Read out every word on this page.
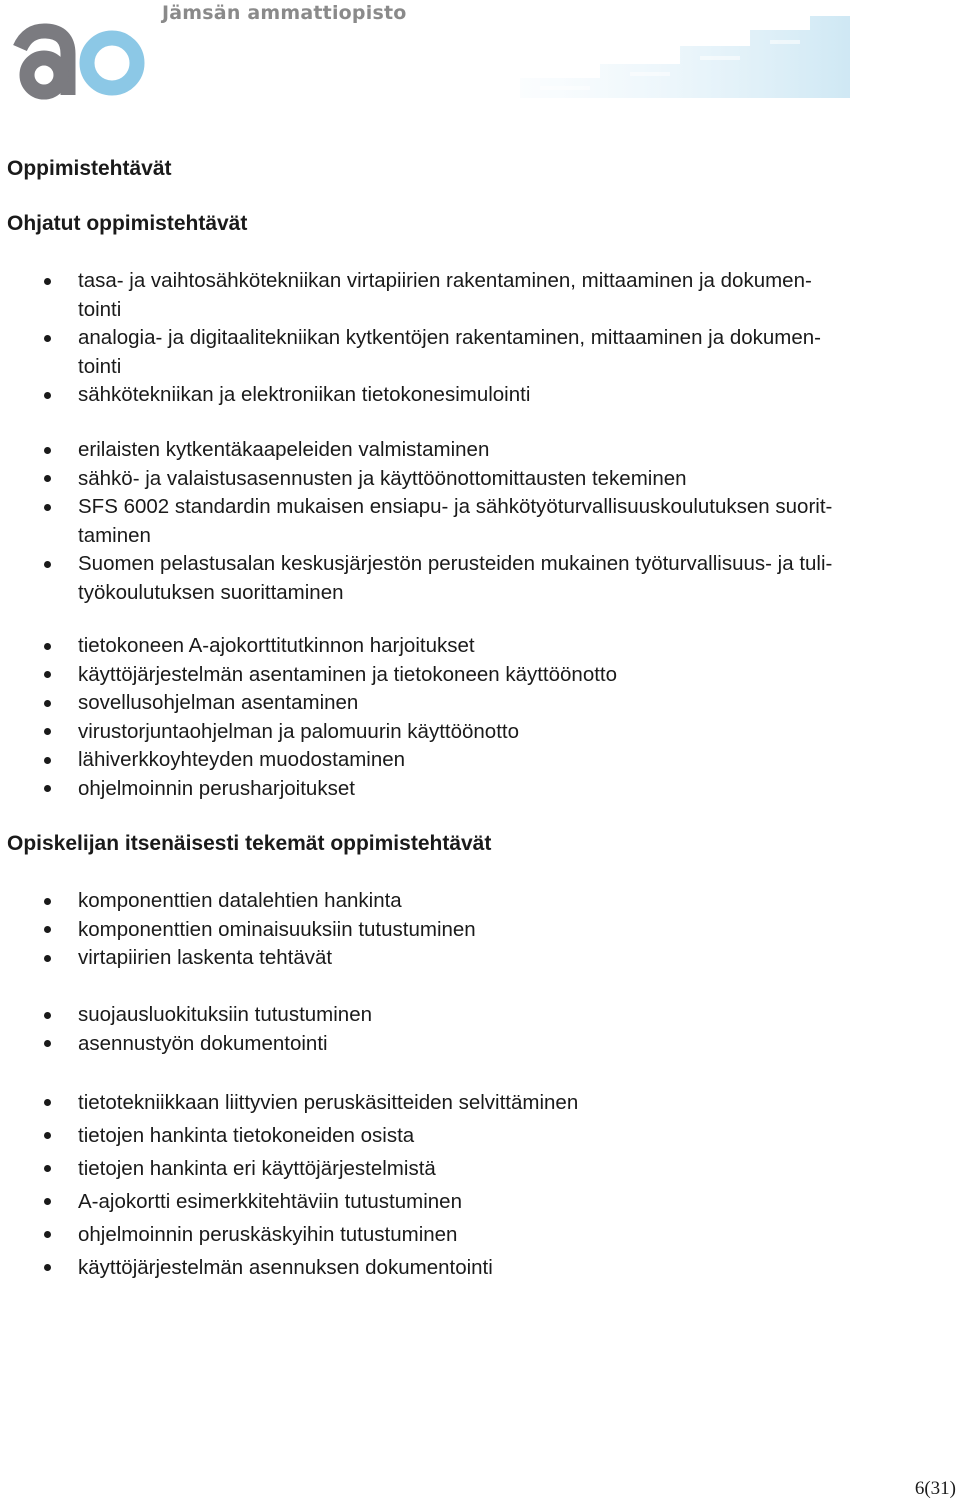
Jämsän ammattiopisto
Oppimistehtävät
Ohjatut oppimistehtävät
tasa- ja vaihtosähkötekniikan virtapiirien rakentaminen, mittaaminen ja dokumen-
tointi
analogia- ja digitaalitekniikan kytkentöjen rakentaminen, mittaaminen ja dokumen-
tointi
sähkötekniikan ja elektroniikan tietokonesimulointi
erilaisten kytkentäkaapeleiden valmistaminen
sähkö- ja valaistusasennusten ja käyttöönottomittausten tekeminen
SFS 6002 standardin mukaisen ensiapu- ja sähkötyöturvallisuuskoulutuksen suorit-
taminen
Suomen pelastusalan keskusjärjestön perusteiden mukainen työturvallisuus- ja tuli-
työkoulutuksen suorittaminen
tietokoneen A-ajokorttitutkinnon harjoitukset
käyttöjärjestelmän asentaminen ja tietokoneen käyttöönotto
sovellusohjelman asentaminen
virustorjuntaohjelman ja palomuurin käyttöönotto
lähiverkkoyhteyden muodostaminen
ohjelmoinnin perusharjoitukset
Opiskelijan itsenäisesti tekemät oppimistehtävät
komponenttien datalehtien hankinta
komponenttien ominaisuuksiin tutustuminen
virtapiirien laskenta tehtävät
suojausluokituksiin tutustuminen
asennustyön dokumentointi
tietotekniikkaan liittyvien peruskäsitteiden selvittäminen
tietojen hankinta tietokoneiden osista
tietojen hankinta eri käyttöjärjestelmistä
A-ajokortti esimerkkitehtäviin tutustuminen
ohjelmoinnin peruskäskyihin tutustuminen
käyttöjärjestelmän asennuksen dokumentointi
6(31)
